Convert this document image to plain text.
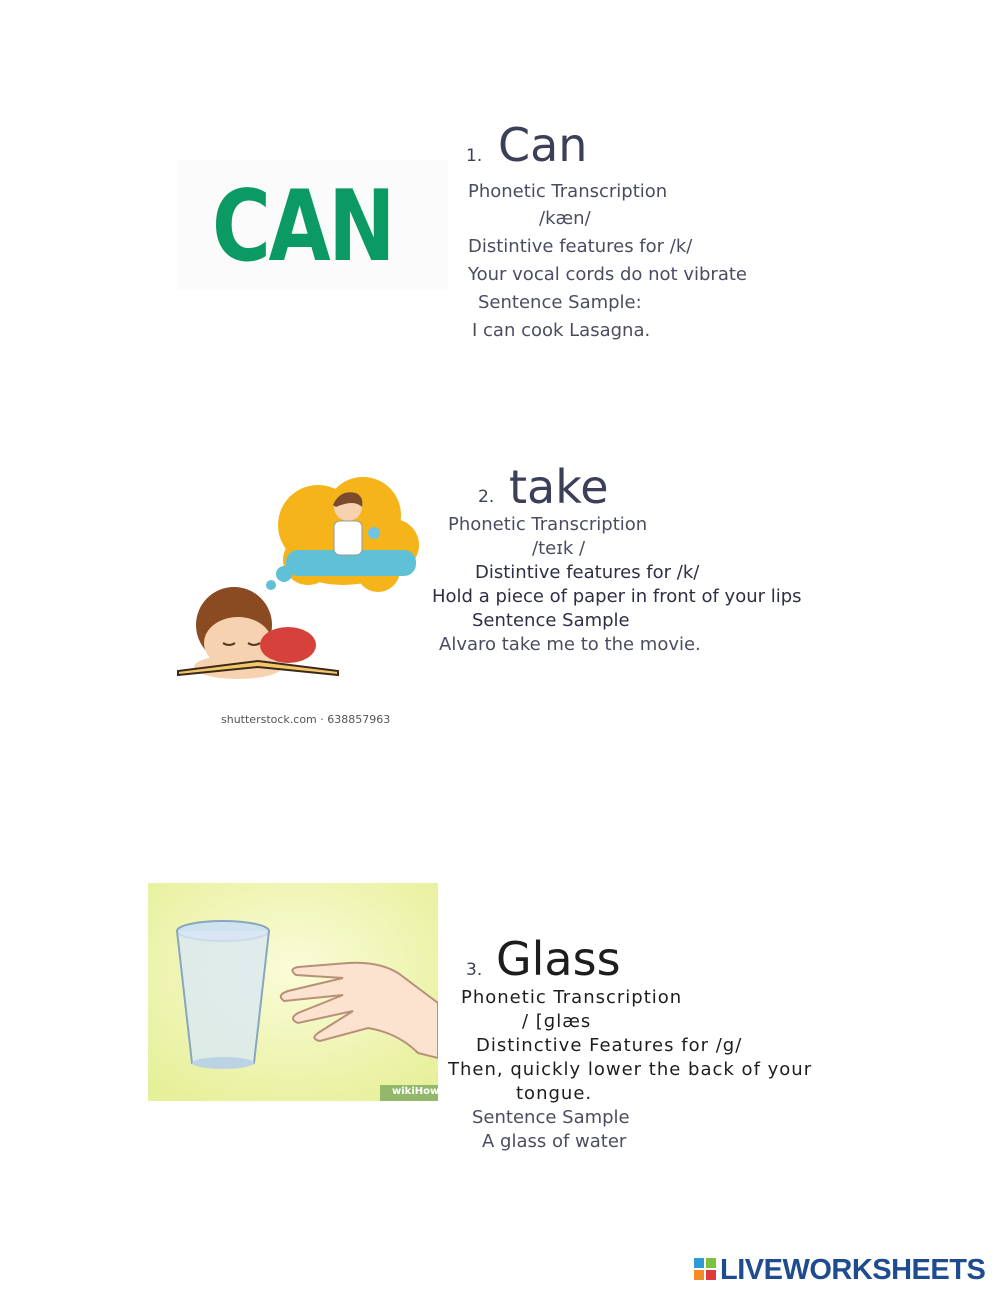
CAN
1. Can
Phonetic Transcription
/kæn/
Distintive features for /k/
Your vocal cords do not vibrate
Sentence Sample:
I can cook Lasagna.
shutterstock.com · 638857963
2. take
Phonetic Transcription
/teɪk /
Distintive features for /k/
Hold a piece of paper in front of your lips
Sentence Sample
Alvaro take me to the movie.
wikiHow
3. Glass
Phonetic Transcription
/ [ɡlæs
Distinctive Features for /g/
Then, quickly lower the back of your
tongue.
Sentence Sample
A glass of water
LIVEWORKSHEETS
